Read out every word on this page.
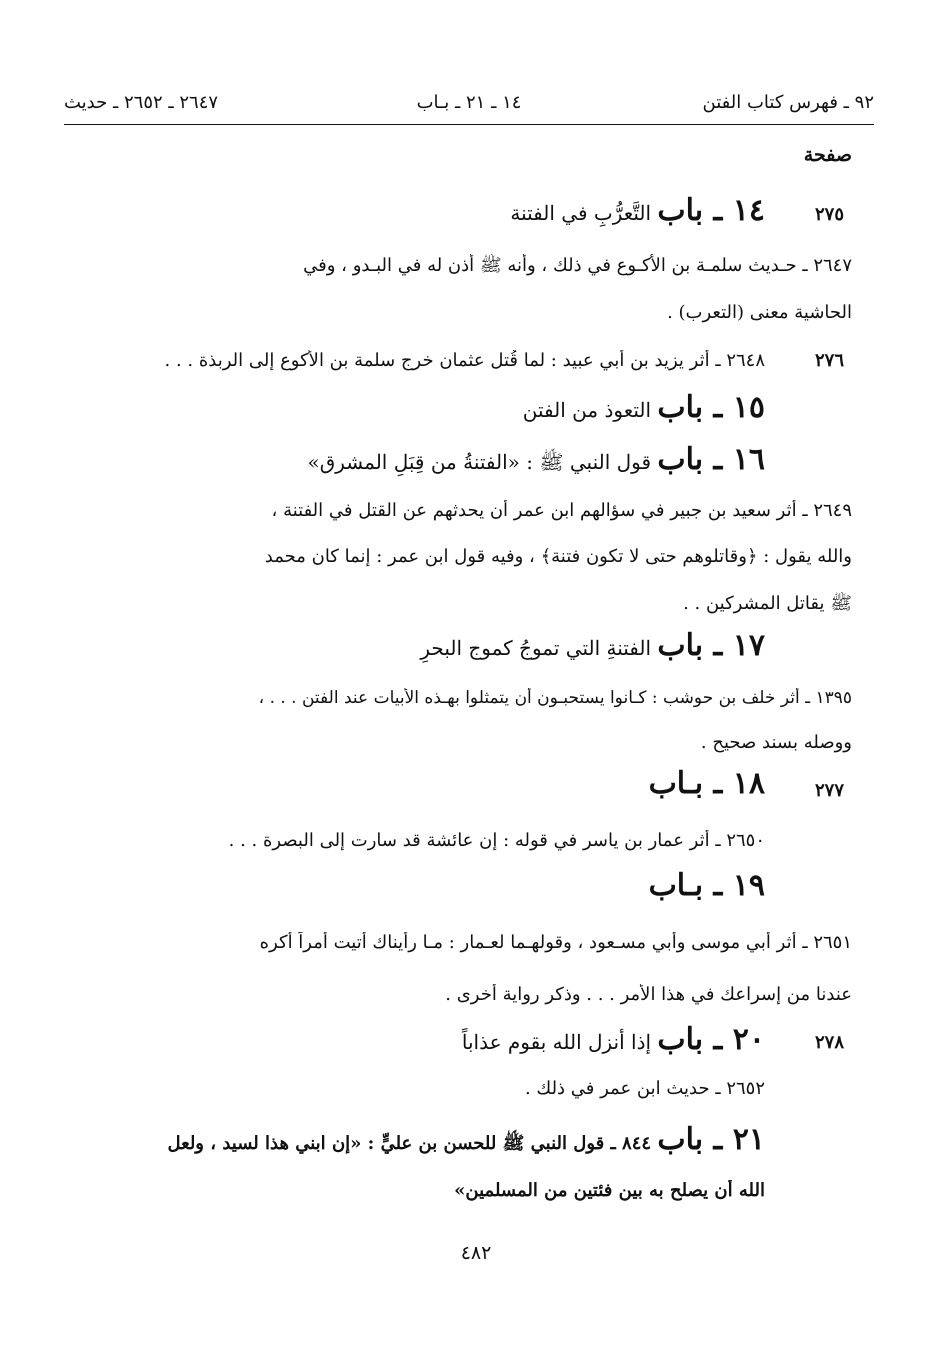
٩٢ ـ فهرس كتاب الفتن
١٤ ـ ٢١ ـ بـاب
٢٦٤٧ ـ ٢٦٥٢ ـ حديث
صفحة
٢٧٥
١٤ ـ باب التَّعرُّبِ في الفتنة
٢٦٤٧ ـ حـديث سلمـة بن الأكـوع في ذلك ، وأنه ﷺ أذن له في البـدو ، وفي
الحاشية معنى (التعرب) .
٢٧٦
٢٦٤٨ ـ أثر يزيد بن أبي عبيد : لما قُتل عثمان خرج سلمة بن الأكوع إلى الربذة . . .
١٥ ـ باب التعوذ من الفتن
١٦ ـ باب قول النبي ﷺ : «الفتنةُ من قِبَلِ المشرق»
٢٦٤٩ ـ أثر سعيد بن جبير في سؤالهم ابن عمر أن يحدثهم عن القتل في الفتنة ،
والله يقول : ﴿وقاتلوهم حتى لا تكون فتنة﴾ ، وفيه قول ابن عمر : إنما كان محمد
ﷺ يقاتل المشركين . .
١٧ ـ باب الفتنةِ التي تموجُ كموج البحرِ
١٣٩٥ ـ أثر خلف بن حوشب : كـانوا يستحبـون أن يتمثلوا بهـذه الأبيات عند الفتن . . . ،
ووصله بسند صحيح .
٢٧٧
١٨ ـ بـاب
٢٦٥٠ ـ أثر عمار بن ياسر في قوله : إن عائشة قد سارت إلى البصرة . . .
١٩ ـ بـاب
٢٦٥١ ـ أثر أبي موسى وأبي مسـعود ، وقولهـما لعـمار : مـا رأيناك أتيت أمراً أكره
عندنا من إسراعك في هذا الأمر . . . وذكر رواية أخرى .
٢٧٨
٢٠ ـ باب إذا أنزل الله بقوم عذاباً
٢٦٥٢ ـ حديث ابن عمر في ذلك .
٢١ ـ باب ٨٤٤ ـ قول النبي ﷺ للحسن بن عليٍّ : «إن ابني هذا لسيد ، ولعل
الله أن يصلح به بين فئتين من المسلمين»
٤٨٢
